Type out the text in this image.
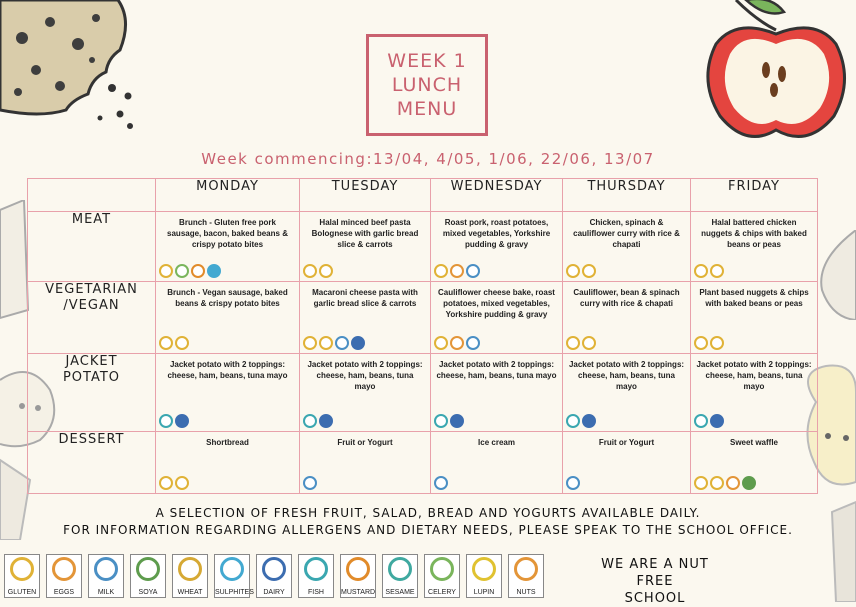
WEEK 1
LUNCH
MENU
Week commencing:13/04, 4/05, 1/06, 22/06, 13/07
	MONDAY	TUESDAY	WEDNESDAY	THURSDAY	FRIDAY
MEAT	Brunch - Gluten free pork sausage, bacon, baked beans & crispy potato bites	Halal minced beef pasta Bolognese with garlic bread slice & carrots	Roast pork, roast potatoes, mixed vegetables, Yorkshire pudding & gravy	Chicken, spinach & cauliflower curry with rice & chapati	Halal battered chicken nuggets & chips with baked beans or peas

VEGETARIAN
/VEGAN	Brunch - Vegan sausage, baked beans & crispy potato bites	Macaroni cheese pasta with garlic bread slice & carrots	Cauliflower cheese bake, roast potatoes, mixed vegetables, Yorkshire pudding & gravy	Cauliflower, bean & spinach curry with rice & chapati	Plant based nuggets & chips with baked beans or peas

JACKET
POTATO	Jacket potato with 2 toppings: cheese, ham, beans, tuna mayo	Jacket potato with 2 toppings: cheese, ham, beans, tuna mayo	Jacket potato with 2 toppings: cheese, ham, beans, tuna mayo	Jacket potato with 2 toppings: cheese, ham, beans, tuna mayo	Jacket potato with 2 toppings: cheese, ham, beans, tuna mayo

DESSERT	Shortbread	Fruit or Yogurt	Ice cream	Fruit or Yogurt	Sweet waffle
A SELECTION OF FRESH FRUIT, SALAD, BREAD AND YOGURTS AVAILABLE DAILY.
FOR INFORMATION REGARDING ALLERGENS AND DIETARY NEEDS, PLEASE SPEAK TO THE SCHOOL OFFICE.
GLUTEN	EGGS	MILK	SOYA	WHEAT	SULPHITES	DAIRY	FISH	MUSTARD	SESAME	CELERY	LUPIN	NUTS
WE ARE A NUT FREE
SCHOOL
